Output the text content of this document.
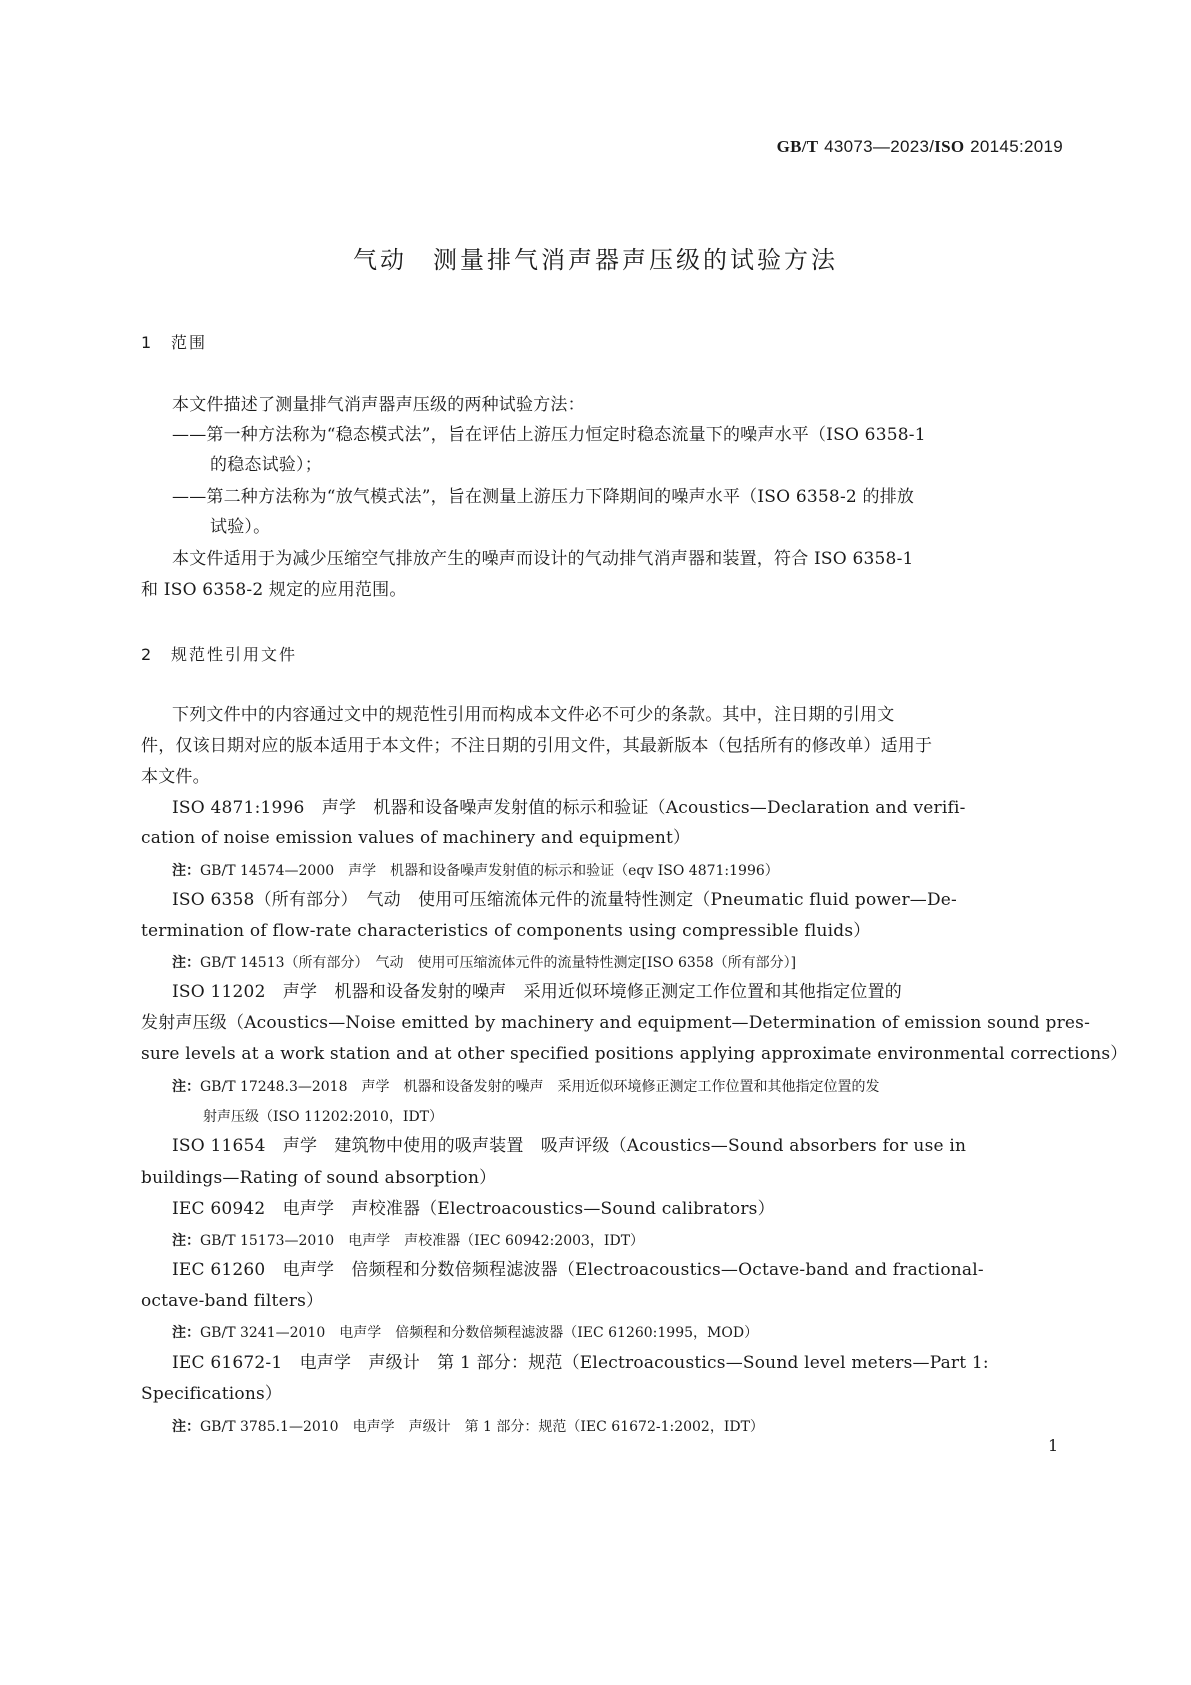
GB/T 43073—2023/ISO 20145:2019
气动 测量排气消声器声压级的试验方法
1 范围
本文件描述了测量排气消声器声压级的两种试验方法：
——第一种方法称为“稳态模式法”，旨在评估上游压力恒定时稳态流量下的噪声水平（ISO 6358-1
的稳态试验）；
——第二种方法称为“放气模式法”，旨在测量上游压力下降期间的噪声水平（ISO 6358-2 的排放
试验）。
本文件适用于为减少压缩空气排放产生的噪声而设计的气动排气消声器和装置，符合 ISO 6358-1
和 ISO 6358-2 规定的应用范围。
2 规范性引用文件
下列文件中的内容通过文中的规范性引用而构成本文件必不可少的条款。其中，注日期的引用文
件，仅该日期对应的版本适用于本文件；不注日期的引用文件，其最新版本（包括所有的修改单）适用于
本文件。
ISO 4871:1996　声学　机器和设备噪声发射值的标示和验证（Acoustics—Declaration and verifi-
cation of noise emission values of machinery and equipment）
注：GB/T 14574—2000　声学　机器和设备噪声发射值的标示和验证（eqv ISO 4871:1996）
ISO 6358（所有部分）　气动　使用可压缩流体元件的流量特性测定（Pneumatic fluid power—De-
termination of flow-rate characteristics of components using compressible fluids）
注：GB/T 14513（所有部分）　气动　使用可压缩流体元件的流量特性测定[ISO 6358（所有部分）]
ISO 11202　声学　机器和设备发射的噪声　采用近似环境修正测定工作位置和其他指定位置的
发射声压级（Acoustics—Noise emitted by machinery and equipment—Determination of emission sound pres-
sure levels at a work station and at other specified positions applying approximate environmental corrections）
注：GB/T 17248.3—2018　声学　机器和设备发射的噪声　采用近似环境修正测定工作位置和其他指定位置的发
射声压级（ISO 11202:2010，IDT）
ISO 11654　声学　建筑物中使用的吸声装置　吸声评级（Acoustics—Sound absorbers for use in
buildings—Rating of sound absorption）
IEC 60942　电声学　声校准器（Electroacoustics—Sound calibrators）
注：GB/T 15173—2010　电声学　声校准器（IEC 60942:2003，IDT）
IEC 61260　电声学　倍频程和分数倍频程滤波器（Electroacoustics—Octave-band and fractional-
octave-band filters）
注：GB/T 3241—2010　电声学　倍频程和分数倍频程滤波器（IEC 61260:1995，MOD）
IEC 61672-1　电声学　声级计　第 1 部分：规范（Electroacoustics—Sound level meters—Part 1:
Specifications）
注：GB/T 3785.1—2010　电声学　声级计　第 1 部分：规范（IEC 61672-1:2002，IDT）
1
